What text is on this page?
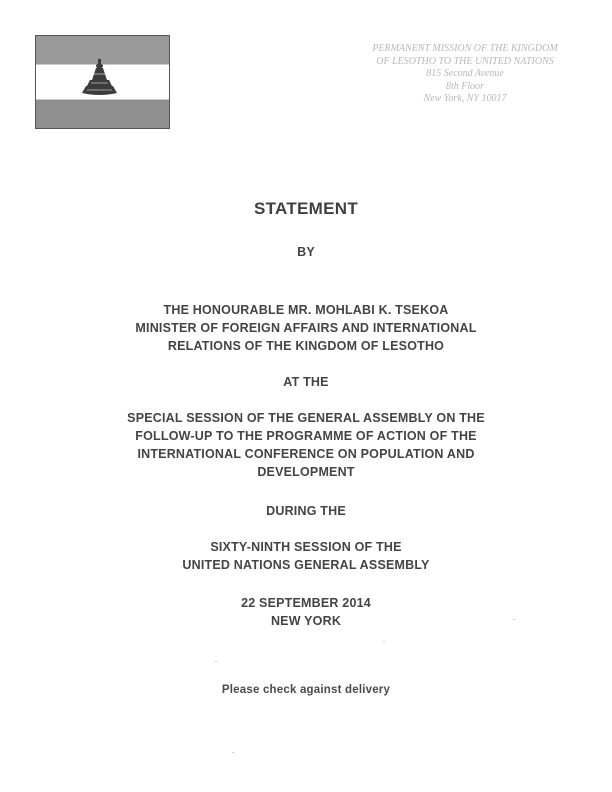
PERMANENT MISSION OF THE KINGDOM
OF LESOTHO TO THE UNITED NATIONS
815 Second Avenue
8th Floor
New York, NY 10017
STATEMENT
BY
THE HONOURABLE MR. MOHLABI K. TSEKOA
MINISTER OF FOREIGN AFFAIRS AND INTERNATIONAL
RELATIONS OF THE KINGDOM OF LESOTHO
AT THE
SPECIAL SESSION OF THE GENERAL ASSEMBLY ON THE
FOLLOW-UP TO THE PROGRAMME OF ACTION OF THE
INTERNATIONAL CONFERENCE ON POPULATION AND
DEVELOPMENT
DURING THE
SIXTY-NINTH SESSION OF THE
UNITED NATIONS GENERAL ASSEMBLY
22 SEPTEMBER 2014
NEW YORK
Please check against delivery
